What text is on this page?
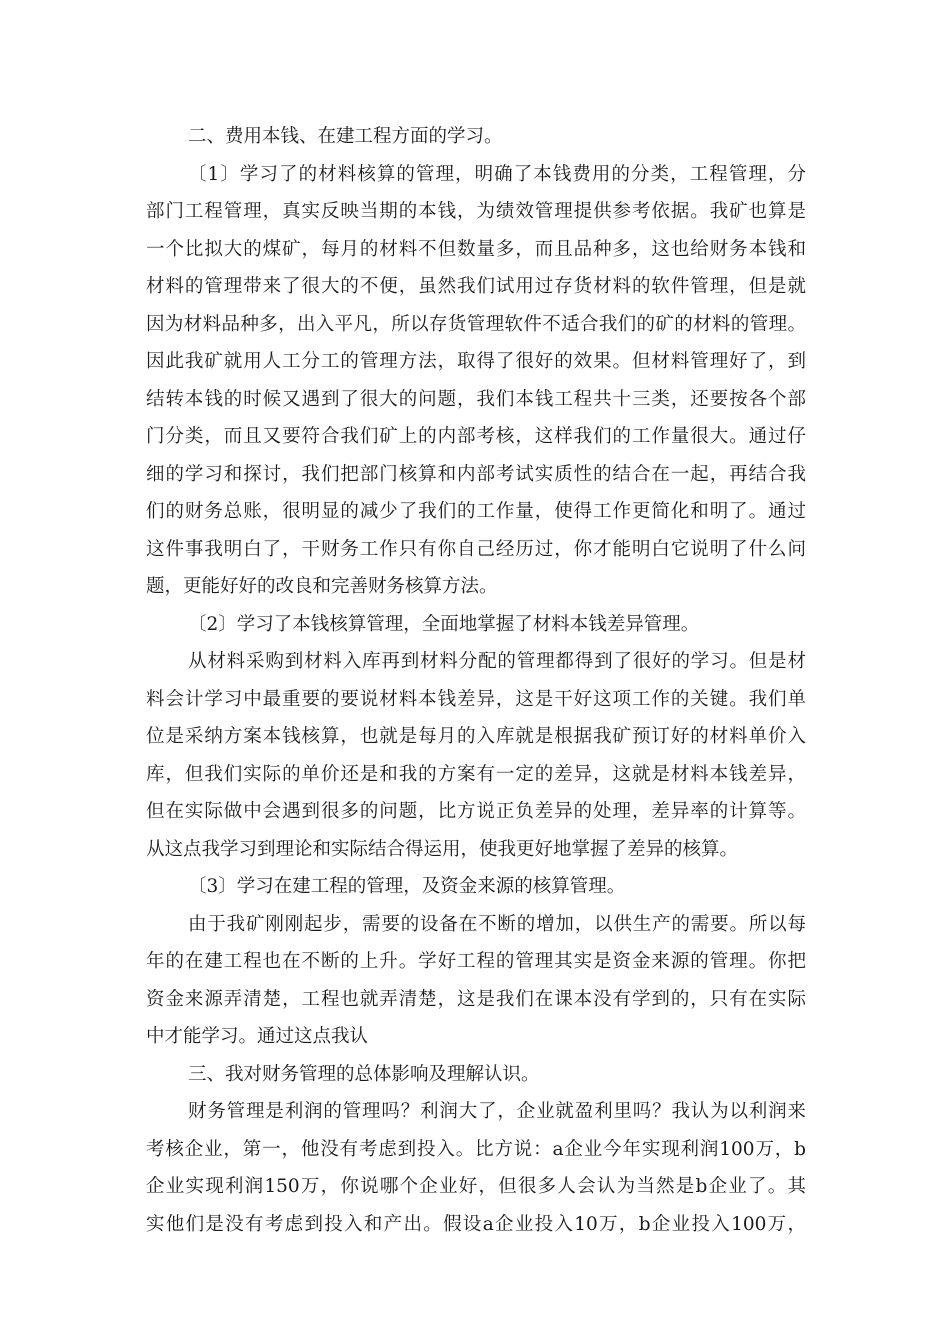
二、费用本钱、在建工程方面的学习。
〔1〕学习了的材料核算的管理，明确了本钱费用的分类，工程管理，分
部门工程管理，真实反映当期的本钱，为绩效管理提供参考依据。我矿也算是
一个比拟大的煤矿，每月的材料不但数量多，而且品种多，这也给财务本钱和
材料的管理带来了很大的不便，虽然我们试用过存货材料的软件管理，但是就
因为材料品种多，出入平凡，所以存货管理软件不适合我们的矿的材料的管理。
因此我矿就用人工分工的管理方法，取得了很好的效果。但材料管理好了，到
结转本钱的时候又遇到了很大的问题，我们本钱工程共十三类，还要按各个部
门分类，而且又要符合我们矿上的内部考核，这样我们的工作量很大。通过仔
细的学习和探讨，我们把部门核算和内部考试实质性的结合在一起，再结合我
们的财务总账，很明显的减少了我们的工作量，使得工作更简化和明了。通过
这件事我明白了，干财务工作只有你自己经历过，你才能明白它说明了什么问
题，更能好好的改良和完善财务核算方法。
〔2〕学习了本钱核算管理，全面地掌握了材料本钱差异管理。
从材料采购到材料入库再到材料分配的管理都得到了很好的学习。但是材
料会计学习中最重要的要说材料本钱差异，这是干好这项工作的关键。我们单
位是采纳方案本钱核算，也就是每月的入库就是根据我矿预订好的材料单价入
库，但我们实际的单价还是和我的方案有一定的差异，这就是材料本钱差异，
但在实际做中会遇到很多的问题，比方说正负差异的处理，差异率的计算等。
从这点我学习到理论和实际结合得运用，使我更好地掌握了差异的核算。
〔3〕学习在建工程的管理，及资金来源的核算管理。
由于我矿刚刚起步，需要的设备在不断的增加，以供生产的需要。所以每
年的在建工程也在不断的上升。学好工程的管理其实是资金来源的管理。你把
资金来源弄清楚，工程也就弄清楚，这是我们在课本没有学到的，只有在实际
中才能学习。通过这点我认
三、我对财务管理的总体影响及理解认识。
财务管理是利润的管理吗？利润大了，企业就盈利里吗？我认为以利润来
考核企业，第一，他没有考虑到投入。比方说：a企业今年实现利润100万，b
企业实现利润150万，你说哪个企业好，但很多人会认为当然是b企业了。其
实他们是没有考虑到投入和产出。假设a企业投入10万，b企业投入100万，
